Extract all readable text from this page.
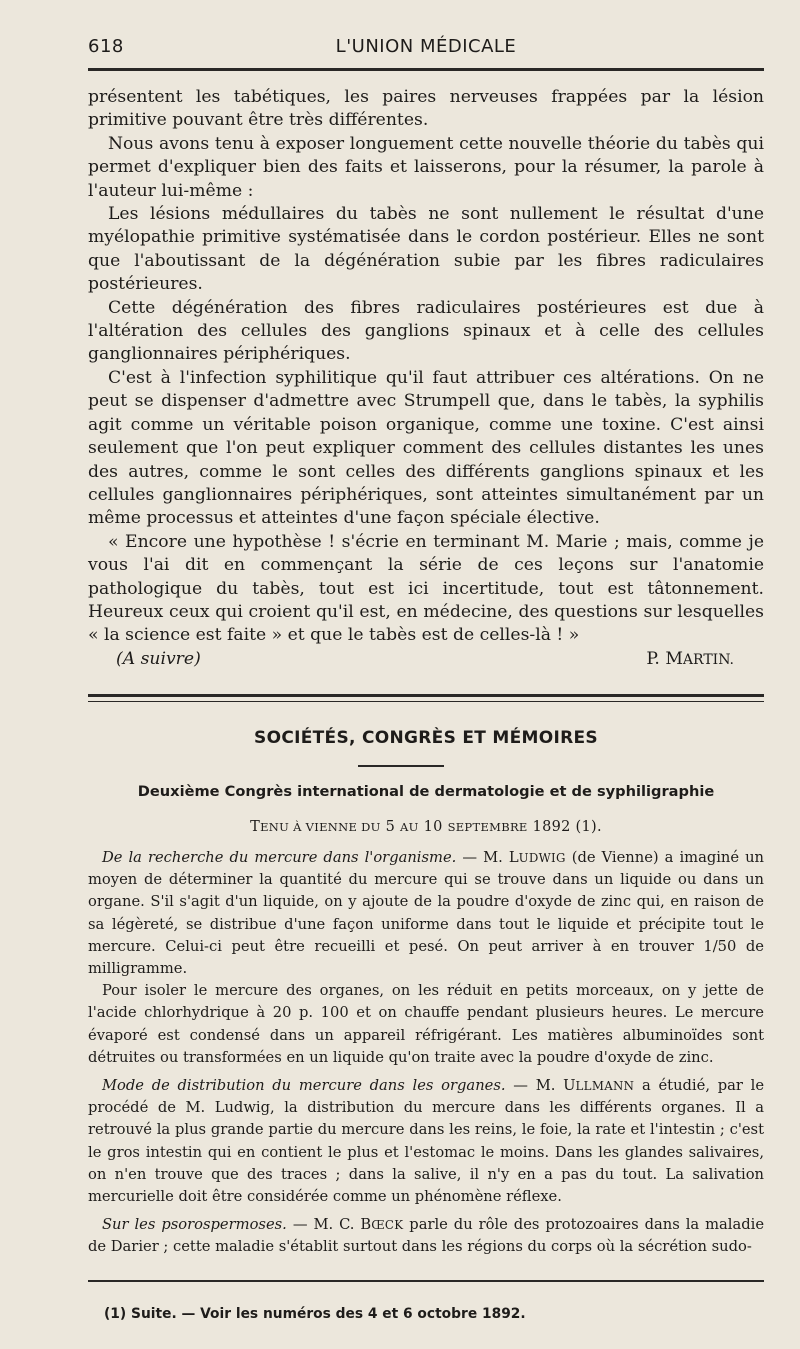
618	L'UNION MÉDICALE

présentent les tabétiques, les paires nerveuses frappées par la lésion primitive pouvant être très différentes.

Nous avons tenu à exposer longuement cette nouvelle théorie du tabès qui permet d'expliquer bien des faits et laisserons, pour la résumer, la parole à l'auteur lui-même :

Les lésions médullaires du tabès ne sont nullement le résultat d'une myélopathie primitive systématisée dans le cordon postérieur. Elles ne sont que l'aboutissant de la dégénération subie par les fibres radiculaires postérieures.

Cette dégénération des fibres radiculaires postérieures est due à l'altération des cellules des ganglions spinaux et à celle des cellules ganglionnaires périphériques.

C'est à l'infection syphilitique qu'il faut attribuer ces altérations. On ne peut se dispenser d'admettre avec Strumpell que, dans le tabès, la syphilis agit comme un véritable poison organique, comme une toxine. C'est ainsi seulement que l'on peut expliquer comment des cellules distantes les unes des autres, comme le sont celles des différents ganglions spinaux et les cellules ganglionnaires périphériques, sont atteintes simultanément par un même processus et atteintes d'une façon spéciale élective.

« Encore une hypothèse ! s'écrie en terminant M. Marie ; mais, comme je vous l'ai dit en commençant la série de ces leçons sur l'anatomie pathologique du tabès, tout est ici incertitude, tout est tâtonnement. Heureux ceux qui croient qu'il est, en médecine, des questions sur lesquelles « la science est faite » et que le tabès est de celles-là ! »

(A suivre)	P. MARTIN.
SOCIÉTÉS, CONGRÈS ET MÉMOIRES
Deuxième Congrès international de dermatologie et de syphiligraphie
TENU À VIENNE DU 5 AU 10 SEPTEMBRE 1892 (1).

De la recherche du mercure dans l'organisme. — M. LUDWIG (de Vienne) a imaginé un moyen de déterminer la quantité du mercure qui se trouve dans un liquide ou dans un organe. S'il s'agit d'un liquide, on y ajoute de la poudre d'oxyde de zinc qui, en raison de sa légèreté, se distribue d'une façon uniforme dans tout le liquide et précipite tout le mercure. Celui-ci peut être recueilli et pesé. On peut arriver à en trouver 1/50 de milligramme.

Pour isoler le mercure des organes, on les réduit en petits morceaux, on y jette de l'acide chlorhydrique à 20 p. 100 et on chauffe pendant plusieurs heures. Le mercure évaporé est condensé dans un appareil réfrigérant. Les matières albuminoïdes sont détruites ou transformées en un liquide qu'on traite avec la poudre d'oxyde de zinc.

Mode de distribution du mercure dans les organes. — M. ULLMANN a étudié, par le procédé de M. Ludwig, la distribution du mercure dans les différents organes. Il a retrouvé la plus grande partie du mercure dans les reins, le foie, la rate et l'intestin ; c'est le gros intestin qui en contient le plus et l'estomac le moins. Dans les glandes salivaires, on n'en trouve que des traces ; dans la salive, il n'y en a pas du tout. La salivation mercurielle doit être considérée comme un phénomène réflexe.

Sur les psorospermoses. — M. C. BŒCK parle du rôle des protozoaires dans la maladie de Darier ; cette maladie s'établit surtout dans les régions du corps où la sécrétion sudo-

(1) Suite. — Voir les numéros des 4 et 6 octobre 1892.
